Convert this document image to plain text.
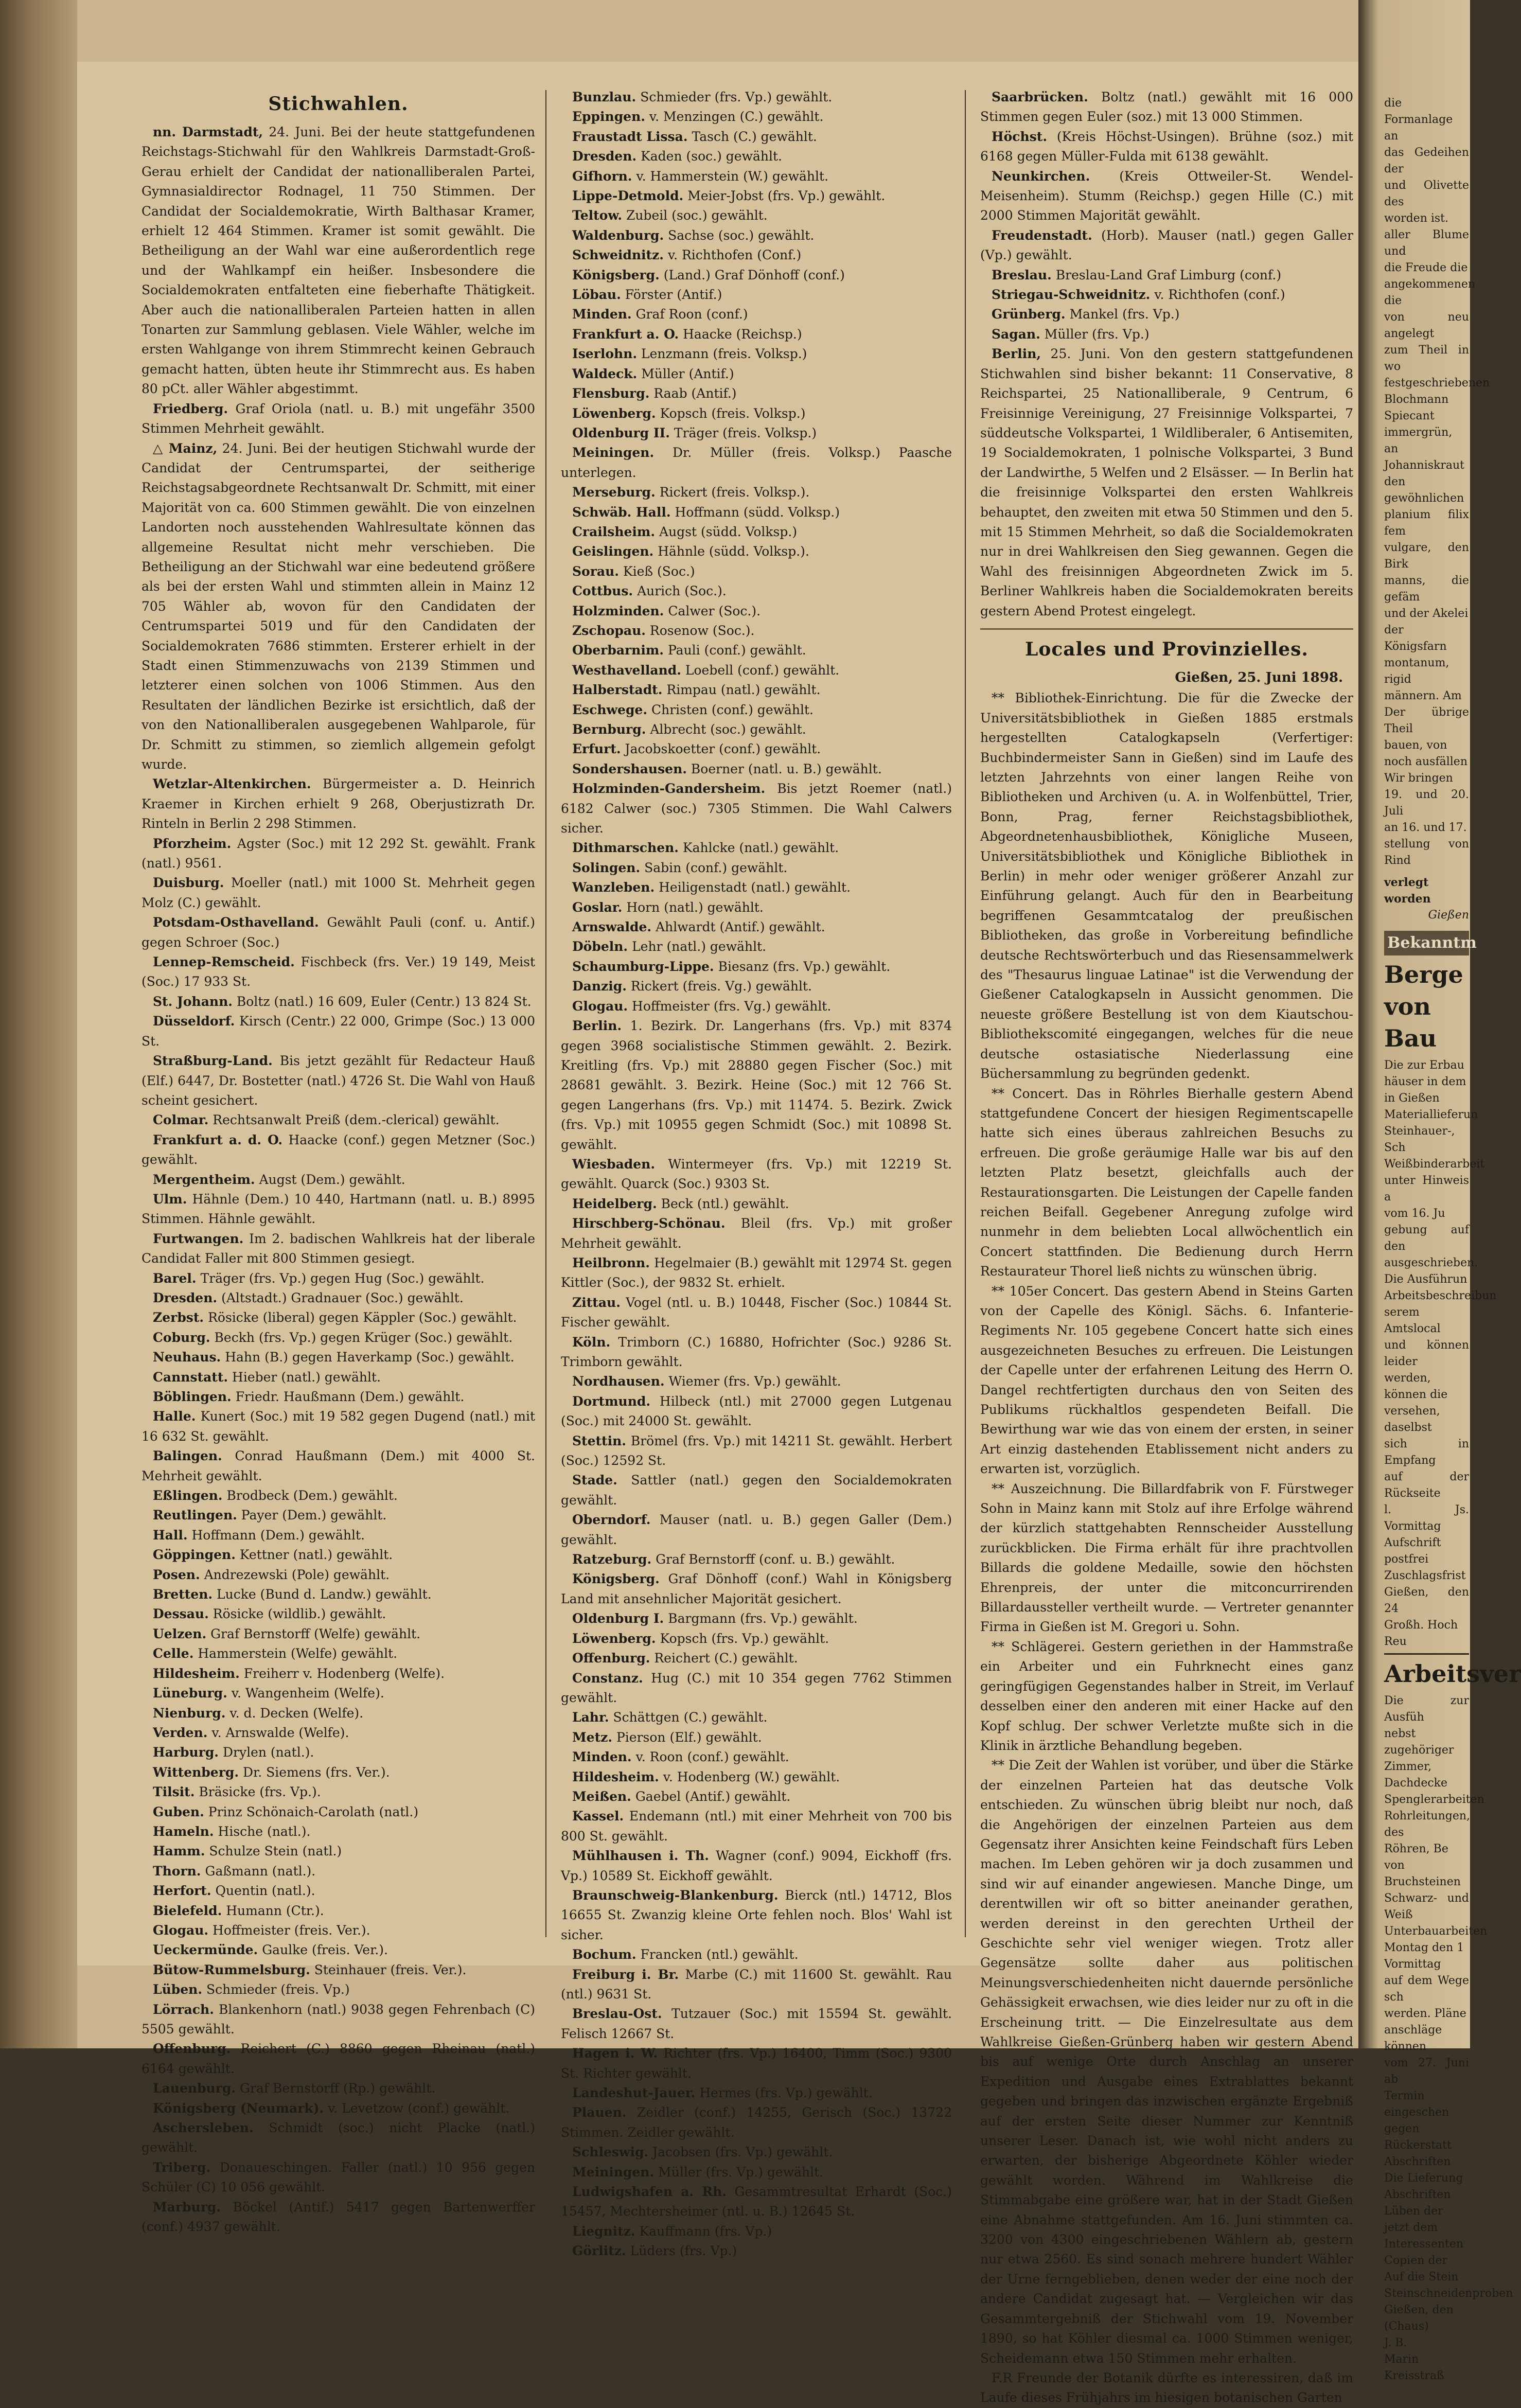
Stichwahlen.

nn. Darmstadt, 24. Juni. Bei der heute stattgefundenen Reichstags-Stichwahl für den Wahlkreis Darmstadt-Groß-Gerau erhielt der Candidat der nationalliberalen Partei, Gymnasialdirector Rodnagel, 11 750 Stimmen. Der Candidat der Socialdemokratie, Wirth Balthasar Kramer, erhielt 12 464 Stimmen. Kramer ist somit gewählt. Die Betheiligung an der Wahl war eine außerordentlich rege und der Wahlkampf ein heißer. Insbesondere die Socialdemokraten entfalteten eine fieberhafte Thätigkeit. Aber auch die nationalliberalen Parteien hatten in allen Tonarten zur Sammlung geblasen. Viele Wähler, welche im ersten Wahlgange von ihrem Stimmrecht keinen Gebrauch gemacht hatten, übten heute ihr Stimmrecht aus. Es haben 80 pCt. aller Wähler abgestimmt.

Friedberg. Graf Oriola (natl. u. B.) mit ungefähr 3500 Stimmen Mehrheit gewählt.

△ Mainz, 24. Juni. Bei der heutigen Stichwahl wurde der Candidat der Centrumspartei, der seitherige Reichstagsabgeordnete Rechtsanwalt Dr. Schmitt, mit einer Majorität von ca. 600 Stimmen gewählt. Die von einzelnen Landorten noch ausstehenden Wahlresultate können das allgemeine Resultat nicht mehr verschieben. Die Betheiligung an der Stichwahl war eine bedeutend größere als bei der ersten Wahl und stimmten allein in Mainz 12 705 Wähler ab, wovon für den Candidaten der Centrumspartei 5019 und für den Candidaten der Socialdemokraten 7686 stimmten. Ersterer erhielt in der Stadt einen Stimmenzuwachs von 2139 Stimmen und letzterer einen solchen von 1006 Stimmen. Aus den Resultaten der ländlichen Bezirke ist ersichtlich, daß der von den Nationalliberalen ausgegebenen Wahlparole, für Dr. Schmitt zu stimmen, so ziemlich allgemein gefolgt wurde.

Wetzlar-Altenkirchen. Bürgermeister a. D. Heinrich Kraemer in Kirchen erhielt 9 268, Oberjustizrath Dr. Rinteln in Berlin 2 298 Stimmen.

Pforzheim. Agster (Soc.) mit 12 292 St. gewählt. Frank (natl.) 9561.

Duisburg. Moeller (natl.) mit 1000 St. Mehrheit gegen Molz (C.) gewählt.

Potsdam-Osthavelland. Gewählt Pauli (conf. u. Antif.) gegen Schroer (Soc.)

Lennep-Remscheid. Fischbeck (frs. Ver.) 19 149, Meist (Soc.) 17 933 St.

St. Johann. Boltz (natl.) 16 609, Euler (Centr.) 13 824 St.

Düsseldorf. Kirsch (Centr.) 22 000, Grimpe (Soc.) 13 000 St.

Straßburg-Land. Bis jetzt gezählt für Redacteur Hauß (Elf.) 6447, Dr. Bostetter (natl.) 4726 St. Die Wahl von Hauß scheint gesichert.

Colmar. Rechtsanwalt Preiß (dem.-clerical) gewählt.

Frankfurt a. d. O. Haacke (conf.) gegen Metzner (Soc.) gewählt.

Mergentheim. Augst (Dem.) gewählt.

Ulm. Hähnle (Dem.) 10 440, Hartmann (natl. u. B.) 8995 Stimmen. Hähnle gewählt.

Furtwangen. Im 2. badischen Wahlkreis hat der liberale Candidat Faller mit 800 Stimmen gesiegt.

Barel. Träger (frs. Vp.) gegen Hug (Soc.) gewählt.

Dresden. (Altstadt.) Gradnauer (Soc.) gewählt.

Zerbst. Rösicke (liberal) gegen Käppler (Soc.) gewählt.

Coburg. Beckh (frs. Vp.) gegen Krüger (Soc.) gewählt.

Neuhaus. Hahn (B.) gegen Haverkamp (Soc.) gewählt.

Cannstatt. Hieber (natl.) gewählt.

Böblingen. Friedr. Haußmann (Dem.) gewählt.

Halle. Kunert (Soc.) mit 19 582 gegen Dugend (natl.) mit 16 632 St. gewählt.

Balingen. Conrad Haußmann (Dem.) mit 4000 St. Mehrheit gewählt.

Eßlingen. Brodbeck (Dem.) gewählt.

Reutlingen. Payer (Dem.) gewählt.

Hall. Hoffmann (Dem.) gewählt.

Göppingen. Kettner (natl.) gewählt.

Posen. Andrezewski (Pole) gewählt.

Bretten. Lucke (Bund d. Landw.) gewählt.

Dessau. Rösicke (wildlib.) gewählt.

Uelzen. Graf Bernstorff (Welfe) gewählt.

Celle. Hammerstein (Welfe) gewählt.

Hildesheim. Freiherr v. Hodenberg (Welfe).

Lüneburg. v. Wangenheim (Welfe).

Nienburg. v. d. Decken (Welfe).

Verden. v. Arnswalde (Welfe).

Harburg. Drylen (natl.).

Wittenberg. Dr. Siemens (frs. Ver.).

Tilsit. Bräsicke (frs. Vp.).

Guben. Prinz Schönaich-Carolath (natl.)

Hameln. Hische (natl.).

Hamm. Schulze Stein (natl.)

Thorn. Gaßmann (natl.).

Herfort. Quentin (natl.).

Bielefeld. Humann (Ctr.).

Glogau. Hoffmeister (freis. Ver.).

Ueckermünde. Gaulke (freis. Ver.).

Bütow-Rummelsburg. Steinhauer (freis. Ver.).

Lüben. Schmieder (freis. Vp.)

Lörrach. Blankenhorn (natl.) 9038 gegen Fehrenbach (C) 5505 gewählt.

Offenburg. Reichert (C.) 8860 gegen Rheinau (natl.) 6164 gewählt.

Lauenburg. Graf Bernstorff (Rp.) gewählt.

Königsberg (Neumark). v. Levetzow (conf.) gewählt.

Aschersleben. Schmidt (soc.) nicht Placke (natl.) gewählt.

Triberg. Donaueschingen. Faller (natl.) 10 956 gegen Schüler (C) 10 056 gewählt.

Marburg. Böckel (Antif.) 5417 gegen Bartenwerffer (conf.) 4937 gewählt.

Bunzlau. Schmieder (frs. Vp.) gewählt.

Eppingen. v. Menzingen (C.) gewählt.

Fraustadt Lissa. Tasch (C.) gewählt.

Dresden. Kaden (soc.) gewählt.

Gifhorn. v. Hammerstein (W.) gewählt.

Lippe-Detmold. Meier-Jobst (frs. Vp.) gewählt.

Teltow. Zubeil (soc.) gewählt.

Waldenburg. Sachse (soc.) gewählt.

Schweidnitz. v. Richthofen (Conf.)

Königsberg. (Land.) Graf Dönhoff (conf.)

Löbau. Förster (Antif.)

Minden. Graf Roon (conf.)

Frankfurt a. O. Haacke (Reichsp.)

Iserlohn. Lenzmann (freis. Volksp.)

Waldeck. Müller (Antif.)

Flensburg. Raab (Antif.)

Löwenberg. Kopsch (freis. Volksp.)

Oldenburg II. Träger (freis. Volksp.)

Meiningen. Dr. Müller (freis. Volksp.) Paasche unterlegen.

Merseburg. Rickert (freis. Volksp.).

Schwäb. Hall. Hoffmann (südd. Volksp.)

Crailsheim. Augst (südd. Volksp.)

Geislingen. Hähnle (südd. Volksp.).

Sorau. Kieß (Soc.)

Cottbus. Aurich (Soc.).

Holzminden. Calwer (Soc.).

Zschopau. Rosenow (Soc.).

Oberbarnim. Pauli (conf.) gewählt.

Westhavelland. Loebell (conf.) gewählt.

Halberstadt. Rimpau (natl.) gewählt.

Eschwege. Christen (conf.) gewählt.

Bernburg. Albrecht (soc.) gewählt.

Erfurt. Jacobskoetter (conf.) gewählt.

Sondershausen. Boerner (natl. u. B.) gewählt.

Holzminden-Gandersheim. Bis jetzt Roemer (natl.) 6182 Calwer (soc.) 7305 Stimmen. Die Wahl Calwers sicher.

Dithmarschen. Kahlcke (natl.) gewählt.

Solingen. Sabin (conf.) gewählt.

Wanzleben. Heiligenstadt (natl.) gewählt.

Goslar. Horn (natl.) gewählt.

Arnswalde. Ahlwardt (Antif.) gewählt.

Döbeln. Lehr (natl.) gewählt.

Schaumburg-Lippe. Biesanz (frs. Vp.) gewählt.

Danzig. Rickert (freis. Vg.) gewählt.

Glogau. Hoffmeister (frs. Vg.) gewählt.

Berlin. 1. Bezirk. Dr. Langerhans (frs. Vp.) mit 8374 gegen 3968 socialistische Stimmen gewählt. 2. Bezirk. Kreitling (frs. Vp.) mit 28880 gegen Fischer (Soc.) mit 28681 gewählt. 3. Bezirk. Heine (Soc.) mit 12 766 St. gegen Langerhans (frs. Vp.) mit 11474. 5. Bezirk. Zwick (frs. Vp.) mit 10955 gegen Schmidt (Soc.) mit 10898 St. gewählt.

Wiesbaden. Wintermeyer (frs. Vp.) mit 12219 St. gewählt. Quarck (Soc.) 9303 St.

Heidelberg. Beck (ntl.) gewählt.

Hirschberg-Schönau. Bleil (frs. Vp.) mit großer Mehrheit gewählt.

Heilbronn. Hegelmaier (B.) gewählt mit 12974 St. gegen Kittler (Soc.), der 9832 St. erhielt.

Zittau. Vogel (ntl. u. B.) 10448, Fischer (Soc.) 10844 St. Fischer gewählt.

Köln. Trimborn (C.) 16880, Hofrichter (Soc.) 9286 St. Trimborn gewählt.

Nordhausen. Wiemer (frs. Vp.) gewählt.

Dortmund. Hilbeck (ntl.) mit 27000 gegen Lutgenau (Soc.) mit 24000 St. gewählt.

Stettin. Brömel (frs. Vp.) mit 14211 St. gewählt. Herbert (Soc.) 12592 St.

Stade. Sattler (natl.) gegen den Socialdemokraten gewählt.

Oberndorf. Mauser (natl. u. B.) gegen Galler (Dem.) gewählt.

Ratzeburg. Graf Bernstorff (conf. u. B.) gewählt.

Königsberg. Graf Dönhoff (conf.) Wahl in Königsberg Land mit ansehnlicher Majorität gesichert.

Oldenburg I. Bargmann (frs. Vp.) gewählt.

Löwenberg. Kopsch (frs. Vp.) gewählt.

Offenburg. Reichert (C.) gewählt.

Constanz. Hug (C.) mit 10 354 gegen 7762 Stimmen gewählt.

Lahr. Schättgen (C.) gewählt.

Metz. Pierson (Elf.) gewählt.

Minden. v. Roon (conf.) gewählt.

Hildesheim. v. Hodenberg (W.) gewählt.

Meißen. Gaebel (Antif.) gewählt.

Kassel. Endemann (ntl.) mit einer Mehrheit von 700 bis 800 St. gewählt.

Mühlhausen i. Th. Wagner (conf.) 9094, Eickhoff (frs. Vp.) 10589 St. Eickhoff gewählt.

Braunschweig-Blankenburg. Bierck (ntl.) 14712, Blos 16655 St. Zwanzig kleine Orte fehlen noch. Blos' Wahl ist sicher.

Bochum. Francken (ntl.) gewählt.

Freiburg i. Br. Marbe (C.) mit 11600 St. gewählt. Rau (ntl.) 9631 St.

Breslau-Ost. Tutzauer (Soc.) mit 15594 St. gewählt. Felisch 12667 St.

Hagen i. W. Richter (frs. Vp.) 16400, Timm (Soc.) 9300 St. Richter gewählt.

Landeshut-Jauer. Hermes (frs. Vp.) gewählt.

Plauen. Zeidler (conf.) 14255, Gerisch (Soc.) 13722 Stimmen. Zeidler gewählt.

Schleswig. Jacobsen (frs. Vp.) gewählt.

Meiningen. Müller (frs. Vp.) gewählt.

Ludwigshafen a. Rh. Gesammtresultat Erhardt (Soc.) 15457, Mechtersheimer (ntl. u. B.) 12645 St.

Liegnitz. Kauffmann (frs. Vp.)

Görlitz. Lüders (frs. Vp.)

Saarbrücken. Boltz (natl.) gewählt mit 16 000 Stimmen gegen Euler (soz.) mit 13 000 Stimmen.

Höchst. (Kreis Höchst-Usingen). Brühne (soz.) mit 6168 gegen Müller-Fulda mit 6138 gewählt.

Neunkirchen. (Kreis Ottweiler-St. Wendel-Meisenheim). Stumm (Reichsp.) gegen Hille (C.) mit 2000 Stimmen Majorität gewählt.

Freudenstadt. (Horb). Mauser (natl.) gegen Galler (Vp.) gewählt.

Breslau. Breslau-Land Graf Limburg (conf.)

Striegau-Schweidnitz. v. Richthofen (conf.)

Grünberg. Mankel (frs. Vp.)

Sagan. Müller (frs. Vp.)

Berlin, 25. Juni. Von den gestern stattgefundenen Stichwahlen sind bisher bekannt: 11 Conservative, 8 Reichspartei, 25 Nationalliberale, 9 Centrum, 6 Freisinnige Vereinigung, 27 Freisinnige Volkspartei, 7 süddeutsche Volkspartei, 1 Wildliberaler, 6 Antisemiten, 19 Socialdemokraten, 1 polnische Volkspartei, 3 Bund der Landwirthe, 5 Welfen und 2 Elsässer. — In Berlin hat die freisinnige Volkspartei den ersten Wahlkreis behauptet, den zweiten mit etwa 50 Stimmen und den 5. mit 15 Stimmen Mehrheit, so daß die Socialdemokraten nur in drei Wahlkreisen den Sieg gewannen. Gegen die Wahl des freisinnigen Abgeordneten Zwick im 5. Berliner Wahlkreis haben die Socialdemokraten bereits gestern Abend Protest eingelegt.

Locales und Provinzielles.
Gießen, 25. Juni 1898.

** Bibliothek-Einrichtung. Die für die Zwecke der Universitätsbibliothek in Gießen 1885 erstmals hergestellten Catalogkapseln (Verfertiger: Buchbindermeister Sann in Gießen) sind im Laufe des letzten Jahrzehnts von einer langen Reihe von Bibliotheken und Archiven (u. A. in Wolfenbüttel, Trier, Bonn, Prag, ferner Reichstagsbibliothek, Abgeordnetenhausbibliothek, Königliche Museen, Universitätsbibliothek und Königliche Bibliothek in Berlin) in mehr oder weniger größerer Anzahl zur Einführung gelangt. Auch für den in Bearbeitung begriffenen Gesammtcatalog der preußischen Bibliotheken, das große in Vorbereitung befindliche deutsche Rechtswörterbuch und das Riesensammelwerk des "Thesaurus linguae Latinae" ist die Verwendung der Gießener Catalogkapseln in Aussicht genommen. Die neueste größere Bestellung ist von dem Kiautschou-Bibliothekscomité eingegangen, welches für die neue deutsche ostasiatische Niederlassung eine Büchersammlung zu begründen gedenkt.

** Concert. Das in Röhrles Bierhalle gestern Abend stattgefundene Concert der hiesigen Regimentscapelle hatte sich eines überaus zahlreichen Besuchs zu erfreuen. Die große geräumige Halle war bis auf den letzten Platz besetzt, gleichfalls auch der Restaurationsgarten. Die Leistungen der Capelle fanden reichen Beifall. Gegebener Anregung zufolge wird nunmehr in dem beliebten Local allwöchentlich ein Concert stattfinden. Die Bedienung durch Herrn Restaurateur Thorel ließ nichts zu wünschen übrig.

** 105er Concert. Das gestern Abend in Steins Garten von der Capelle des Königl. Sächs. 6. Infanterie-Regiments Nr. 105 gegebene Concert hatte sich eines ausgezeichneten Besuches zu erfreuen. Die Leistungen der Capelle unter der erfahrenen Leitung des Herrn O. Dangel rechtfertigten durchaus den von Seiten des Publikums rückhaltlos gespendeten Beifall. Die Bewirthung war wie das von einem der ersten, in seiner Art einzig dastehenden Etablissement nicht anders zu erwarten ist, vorzüglich.

** Auszeichnung. Die Billardfabrik von F. Fürstweger Sohn in Mainz kann mit Stolz auf ihre Erfolge während der kürzlich stattgehabten Rennscheider Ausstellung zurückblicken. Die Firma erhält für ihre prachtvollen Billards die goldene Medaille, sowie den höchsten Ehrenpreis, der unter die mitconcurrirenden Billardaussteller vertheilt wurde. — Vertreter genannter Firma in Gießen ist M. Gregori u. Sohn.

** Schlägerei. Gestern geriethen in der Hammstraße ein Arbeiter und ein Fuhrknecht eines ganz geringfügigen Gegenstandes halber in Streit, im Verlauf desselben einer den anderen mit einer Hacke auf den Kopf schlug. Der schwer Verletzte mußte sich in die Klinik in ärztliche Behandlung begeben.

** Die Zeit der Wahlen ist vorüber, und über die Stärke der einzelnen Parteien hat das deutsche Volk entschieden. Zu wünschen übrig bleibt nur noch, daß die Angehörigen der einzelnen Parteien aus dem Gegensatz ihrer Ansichten keine Feindschaft fürs Leben machen. Im Leben gehören wir ja doch zusammen und sind wir auf einander angewiesen. Manche Dinge, um derentwillen wir oft so bitter aneinander gerathen, werden dereinst in den gerechten Urtheil der Geschichte sehr viel weniger wiegen. Trotz aller Gegensätze sollte daher aus politischen Meinungsverschiedenheiten nicht dauernde persönliche Gehässigkeit erwachsen, wie dies leider nur zu oft in die Erscheinung tritt. — Die Einzelresultate aus dem Wahlkreise Gießen-Grünberg haben wir gestern Abend bis auf wenige Orte durch Anschlag an unserer Expedition und Ausgabe eines Extrablattes bekannt gegeben und bringen das inzwischen ergänzte Ergebniß auf der ersten Seite dieser Nummer zur Kenntniß unserer Leser. Danach ist, wie wohl nicht anders zu erwarten, der bisherige Abgeordnete Köhler wieder gewählt worden. Während im Wahlkreise die Stimmabgabe eine größere war, hat in der Stadt Gießen eine Abnahme stattgefunden. Am 16. Juni stimmten ca. 3200 von 4300 eingeschriebenen Wählern ab, gestern nur etwa 2560. Es sind sonach mehrere hundert Wähler der Urne ferngeblieben, denen weder der eine noch der andere Candidat zugesagt hat. — Vergleichen wir das Gesammtergebniß der Stichwahl vom 19. November 1890, so hat Köhler diesmal ca. 1000 Stimmen weniger, Scheidemann etwa 150 Stimmen mehr erhalten.

F.R Freunde der Botanik dürfte es interessiren, daß im Laufe dieses Frühjahrs im hiesigen botanischen Garten

die Formanlage an
das Gedeihen der
und Olivette des
worden ist.
aller Blume und
die Freude die
angekommenen die
von neu angelegt
zum Theil in wo
festgeschriebenen
Blochmann Spiecant
immergrün, an
Johanniskraut
den gewöhnlichen
planium filix fem
vulgare, den Birk
manns, die gefäm
und der Akelei
der Königsfarn
montanum, rigid
männern. Am
Der übrige Theil
bauen, von
noch ausfällen
Wir bringen
19. und 20. Juli
an 16. und 17.
stellung von Rind
verlegt worden
Gießen
Bekanntm
Berge von Bau
Die zur Erbau
häuser in dem
in Gießen
Materiallieferun
Steinhauer-, Sch
Weißbinderarbeit
unter Hinweis a
vom 16. Ju
gebung auf den
ausgeschrieben.
Die Ausführun
Arbeitsbeschreibun
serem Amtslocal
und können leider
werden, können die
versehen, daselbst
sich in Empfang
auf der Rückseite
l. Js. Vormittag
Aufschrift postfrei
Zuschlagsfrist
Gießen, den 24
Großh. Hoch
Reu
Arbeitsver
Die zur Ausfüh
nebst zugehöriger
Zimmer, Dachdecke
Spenglerarbeiten
Rohrleitungen, des
Röhren, Be
von Bruchsteinen
Schwarz- und Weiß
Unterbauarbeiten
Montag den 1
Vormittag
auf dem Wege sch
werden. Pläne
anschläge können
vom 27. Juni ab
Termin eingeschen
gegen Rückerstatt
Abschriften
Die Lieferung
Abschriften
Lüben der
jetzt dem
Interessenten
Copien der
Auf die Stein
Steinschneidenproben
Gießen, den
(Chaus)
J. B.
Marin
Kreisstraß
